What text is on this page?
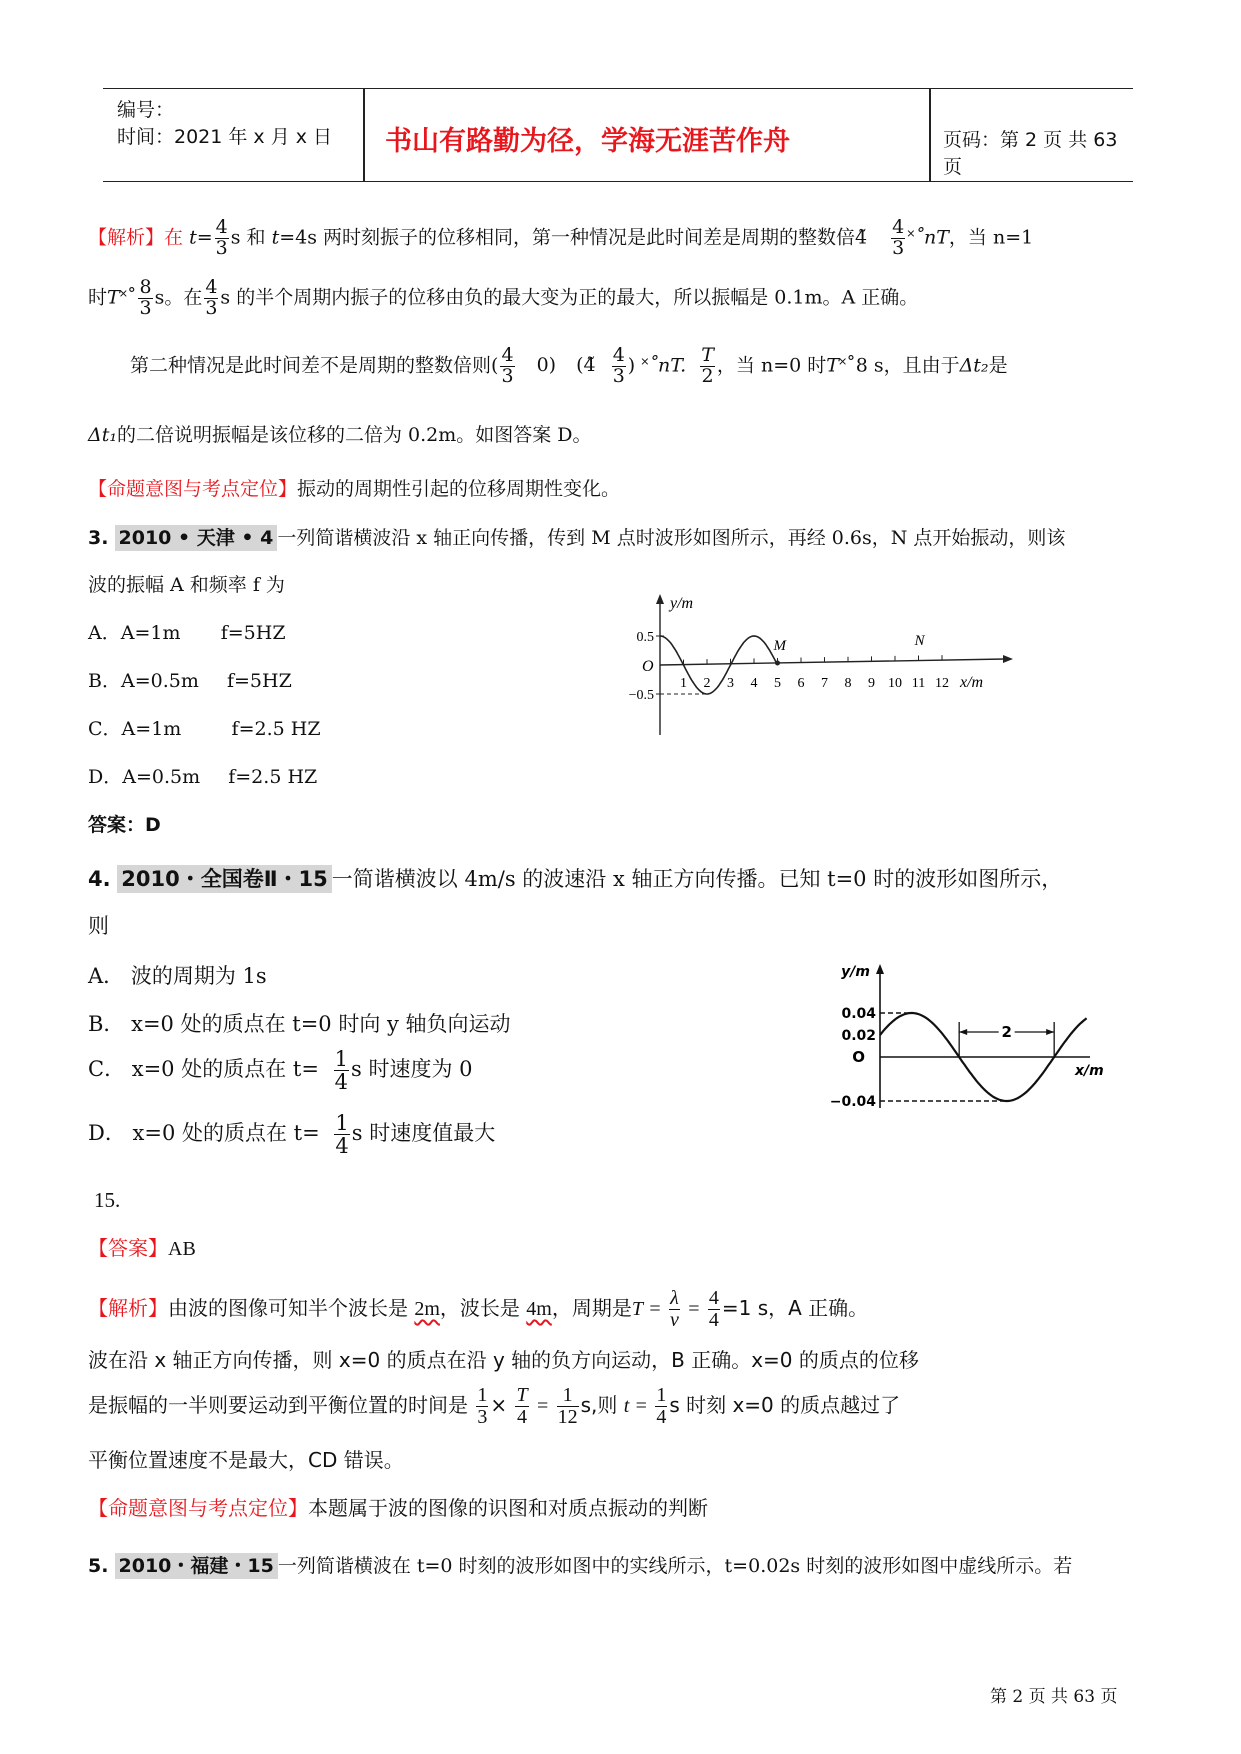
编号：
时间：2021 年 x 月 x 日 书山有路勤为径，学海无涯苦作舟	页码：第 2 页 共 63 页
【解析】在 $t= \frac{4}{3}$ s 和 t=4s 两时刻振子的位移相同，第一种情况是此时间差是周期的整数倍4̃ $\frac{4}{3}$ ˟˚nT，当 n=1
时T˟˚ $\frac{8}{3}$ s。在 $\frac{4}{3}$ s 的半个周期内振子的位移由负的最大变为正的最大，所以振幅是 0.1m。A 正确。
第二种情况是此时间差不是周期的整数倍则( $\frac{4}{3} 0$) (4̃ $\frac{4}{3}$ ) ˟˚nT. $\frac{T}{2}$ ，当 n=0 时T˟˚8 s，且由于Δt₂是
Δt₁的二倍说明振幅是该位移的二倍为 0.2m。如图答案 D。
【命题意图与考点定位】振动的周期性引起的位移周期性变化。
3. 2010 • 天津 • 4 一列简谐横波沿 x 轴正向传播，传到 M 点时波形如图所示，再经 0.6s，N 点开始振动，则该
波的振幅 A 和频率 f 为
A．A=1m f=5HZ
B．A=0.5m f=5HZ
C．A=1m	f=2.5 HZ
D．A=0.5m f=2.5 HZ
答案：D
1 2 3 4 5 6 7 8 9 10 11 12
y/m
x/m
O
0.5
−0.5
M	N
4. 2010・全国卷Ⅱ・15 一简谐横波以 4m/s 的波速沿 x 轴正方向传播。已知 t=0 时的波形如图所示，
则
A． 波的周期为 1s
B． x=0 处的质点在 t=0 时向 y 轴负向运动
C． x=0 处的质点在 $t= \frac{1}{4}$ s 时速度为 0
D． x=0 处的质点在 $t= \frac{1}{4}$ s 时速度值最大
y/m
x/m
O
0.04
0.02
−0.04
2
15.
【答案】AB
【解析】由波的图像可知半个波长是 2m，波长是 4m，周期是$T = \frac{\lambda}{v} = \frac{4}{4} =1$ s，A 正确。
波在沿 x 轴正方向传播，则 x=0 的质点在沿 y 轴的负方向运动，B 正确。x=0 的质点的位移
是振幅的一半则要运动到平衡位置的时间是 $\frac{1}{3} \times \frac{T}{4} = \frac{1}{12} s$,则 $t = \frac{1}{4}$ s 时刻 x=0 的质点越过了
平衡位置速度不是最大，CD 错误。
【命题意图与考点定位】本题属于波的图像的识图和对质点振动的判断
5. 2010・福建・15 一列简谐横波在 t=0 时刻的波形如图中的实线所示，t=0.02s 时刻的波形如图中虚线所示。若
第 2 页 共 63 页
